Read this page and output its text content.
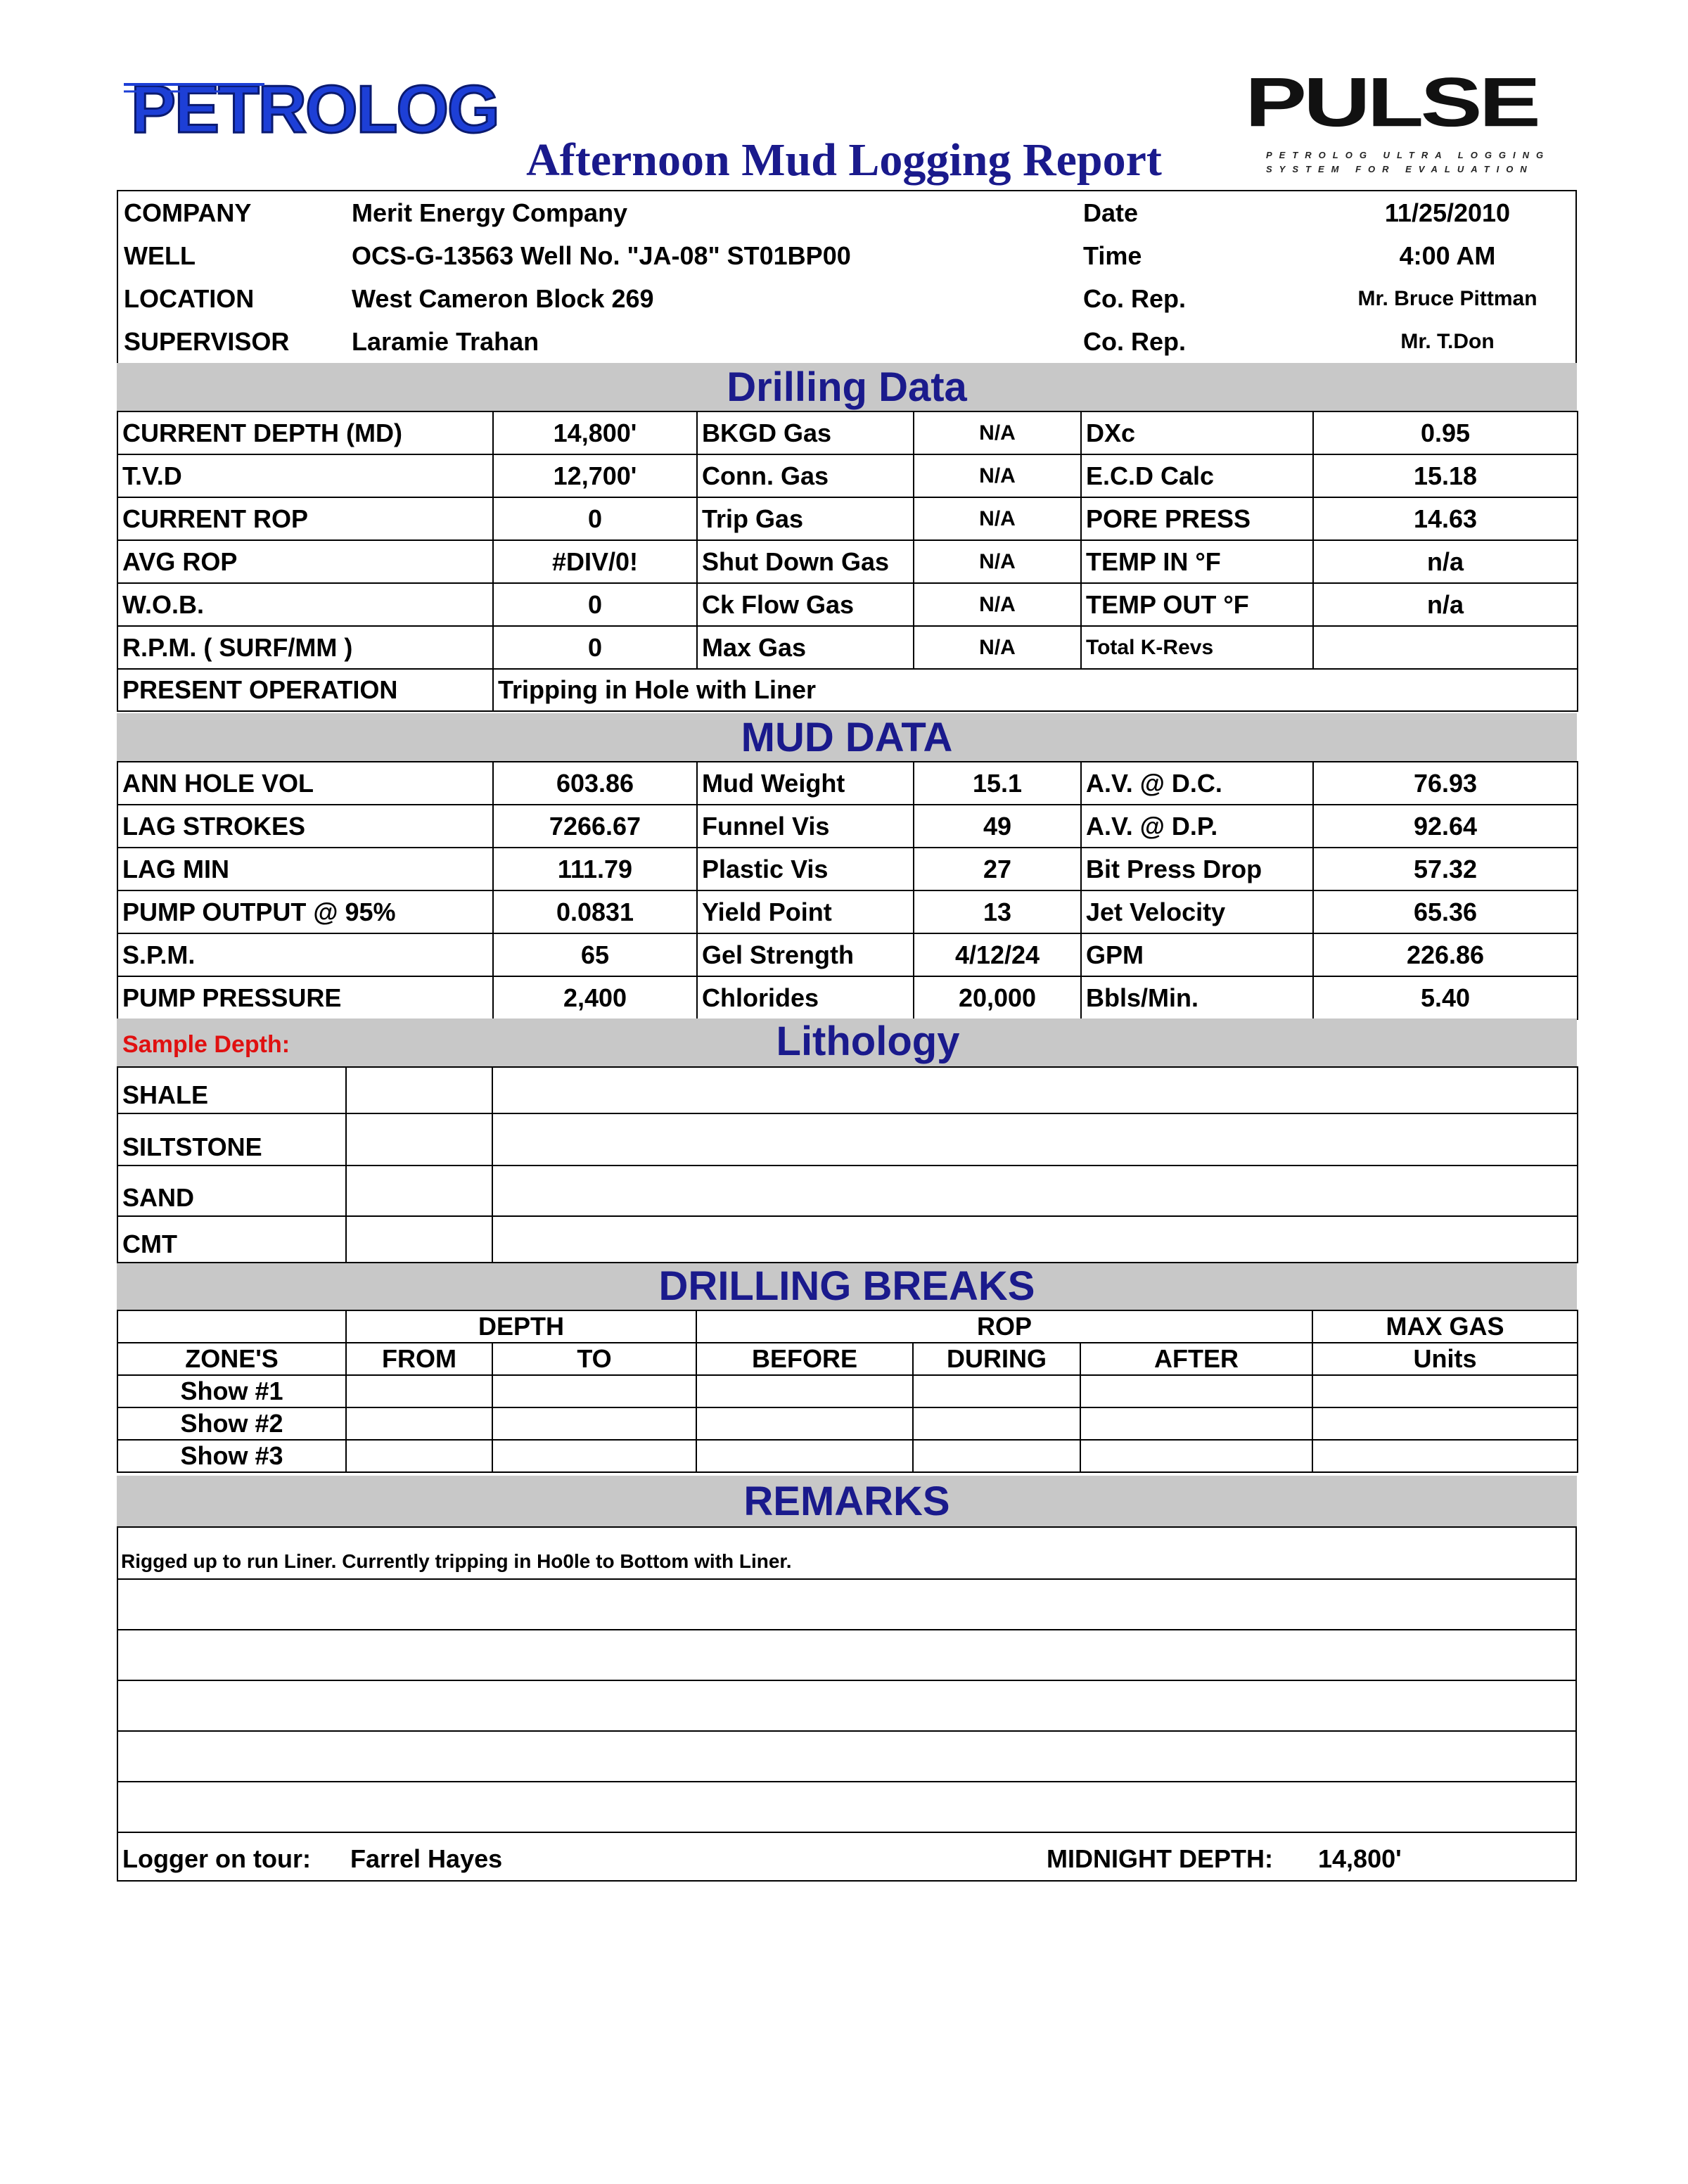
PETROLOG	PULSE
PETROLOG ULTRA LOGGING
SYSTEM FOR EVALUATION
Afternoon Mud Logging Report
COMPANY	Merit Energy Company	Date	11/25/2010
WELL	OCS-G-13563 Well No. "JA-08" ST01BP00	Time	4:00 AM
LOCATION	West Cameron Block 269	Co. Rep.	Mr. Bruce Pittman
SUPERVISOR Laramie Trahan	Co. Rep.	Mr. T.Don
Drilling Data
CURRENT DEPTH (MD)	14,800'	BKGD Gas	N/A	DXc	0.95
T.V.D	12,700'	Conn. Gas	N/A	E.C.D Calc	15.18
CURRENT ROP	0	Trip Gas	N/A	PORE PRESS	14.63
AVG ROP	#DIV/0!	Shut Down Gas	N/A	TEMP IN °F	n/a
W.O.B.	0	Ck Flow Gas	N/A	TEMP OUT °F	n/a
R.P.M. ( SURF/MM )	0	Max Gas	N/A	Total K-Revs	
PRESENT OPERATION	Tripping in Hole with Liner				
MUD DATA
ANN HOLE VOL	603.86	Mud Weight	15.1	A.V. @ D.C.	76.93
LAG STROKES	7266.67	Funnel Vis	49	A.V. @ D.P.	92.64
LAG MIN	111.79	Plastic Vis	27	Bit Press Drop	57.32
PUMP OUTPUT @ 95%	0.0831	Yield Point	13	Jet Velocity	65.36
S.P.M.	65	Gel Strength	4/12/24	GPM	226.86
PUMP PRESSURE	2,400	Chlorides	20,000	Bbls/Min.	5.40
Sample Depth:	Lithology
SHALE		
SILTSTONE		
SAND		
CMT		
DRILLING BREAKS
	DEPTH		ROP			MAX GAS
ZONE'S	FROM	TO	BEFORE	DURING	AFTER	Units
Show #1						
Show #2						
Show #3						
REMARKS
Rigged up to run Liner. Currently tripping in Ho0le to Bottom with Liner.
Logger on tour: Farrel Hayes	MIDNIGHT DEPTH: 14,800'
